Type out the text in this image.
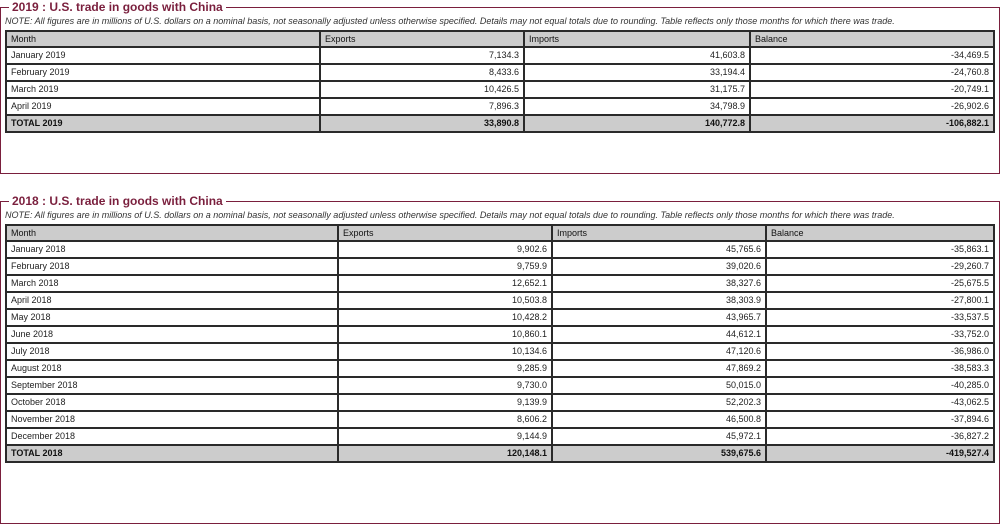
2019 : U.S. trade in goods with China
NOTE: All figures are in millions of U.S. dollars on a nominal basis, not seasonally adjusted unless otherwise specified. Details may not equal totals due to rounding. Table reflects only those months for which there was trade.
Month	Exports	Imports	Balance
January 2019	7,134.3	41,603.8	-34,469.5
February 2019	8,433.6	33,194.4	-24,760.8
March 2019	10,426.5	31,175.7	-20,749.1
April 2019	7,896.3	34,798.9	-26,902.6
TOTAL 2019	33,890.8	140,772.8	-106,882.1
2018 : U.S. trade in goods with China
NOTE: All figures are in millions of U.S. dollars on a nominal basis, not seasonally adjusted unless otherwise specified. Details may not equal totals due to rounding. Table reflects only those months for which there was trade.
Month	Exports	Imports	Balance
January 2018	9,902.6	45,765.6	-35,863.1
February 2018	9,759.9	39,020.6	-29,260.7
March 2018	12,652.1	38,327.6	-25,675.5
April 2018	10,503.8	38,303.9	-27,800.1
May 2018	10,428.2	43,965.7	-33,537.5
June 2018	10,860.1	44,612.1	-33,752.0
July 2018	10,134.6	47,120.6	-36,986.0
August 2018	9,285.9	47,869.2	-38,583.3
September 2018	9,730.0	50,015.0	-40,285.0
October 2018	9,139.9	52,202.3	-43,062.5
November 2018	8,606.2	46,500.8	-37,894.6
December 2018	9,144.9	45,972.1	-36,827.2
TOTAL 2018	120,148.1	539,675.6	-419,527.4
